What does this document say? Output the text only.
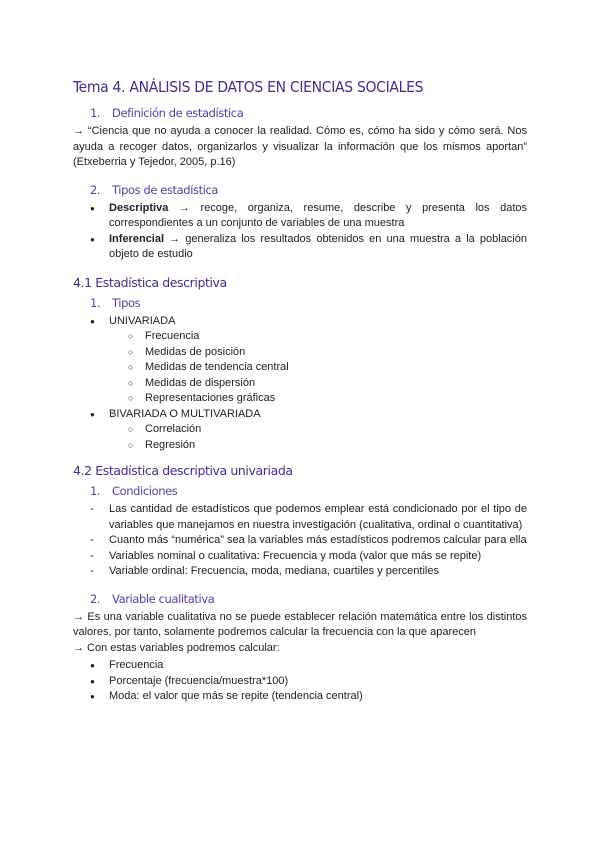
Tema 4. ANÁLISIS DE DATOS EN CIENCIAS SOCIALES
1.	Definición de estadística

→ “Ciencia que no ayuda a conocer la realidad. Cómo es, cómo ha sido y cómo será. Nos ayuda a recoger datos, organizarlos y visualizar la información que los mismos aportan” (Etxeberria y Tejedor, 2005, p.16)

2.	Tipos de estadística
● Descriptiva → recoge, organiza, resume, describe y presenta los datos correspondientes a un conjunto de variables de una muestra
● Inferencial → generaliza los resultados obtenidos en una muestra a la población objeto de estudio
4.1 Estadística descriptiva
1.	Tipos
● UNIVARIADA
○ Frecuencia
○ Medidas de posición
○ Medidas de tendencia central
○ Medidas de dispersión
○ Representaciones gráficas
● BIVARIADA O MULTIVARIADA
○ Correlación
○ Regresión
4.2 Estadística descriptiva univariada
1.	Condiciones
- Las cantidad de estadísticos que podemos emplear está condicionado por el tipo de variables que manejamos en nuestra investigación (cualitativa, ordinal o cuantitativa)
- Cuanto más “numérica” sea la variables más estadísticos podremos calcular para ella
- Variables nominal o cualitativa: Frecuencia y moda (valor que más se repite)
- Variable ordinal: Frecuencia, moda, mediana, cuartiles y percentiles
2.	Variable cualitativa

→ Es una variable cualitativa no se puede establecer relación matemática entre los distintos valores, por tanto, solamente podremos calcular la frecuencia con la que aparecen

→ Con estas variables podremos calcular:

● Frecuencia
● Porcentaje (frecuencia/muestra*100)
● Moda: el valor que más se repite (tendencia central)
